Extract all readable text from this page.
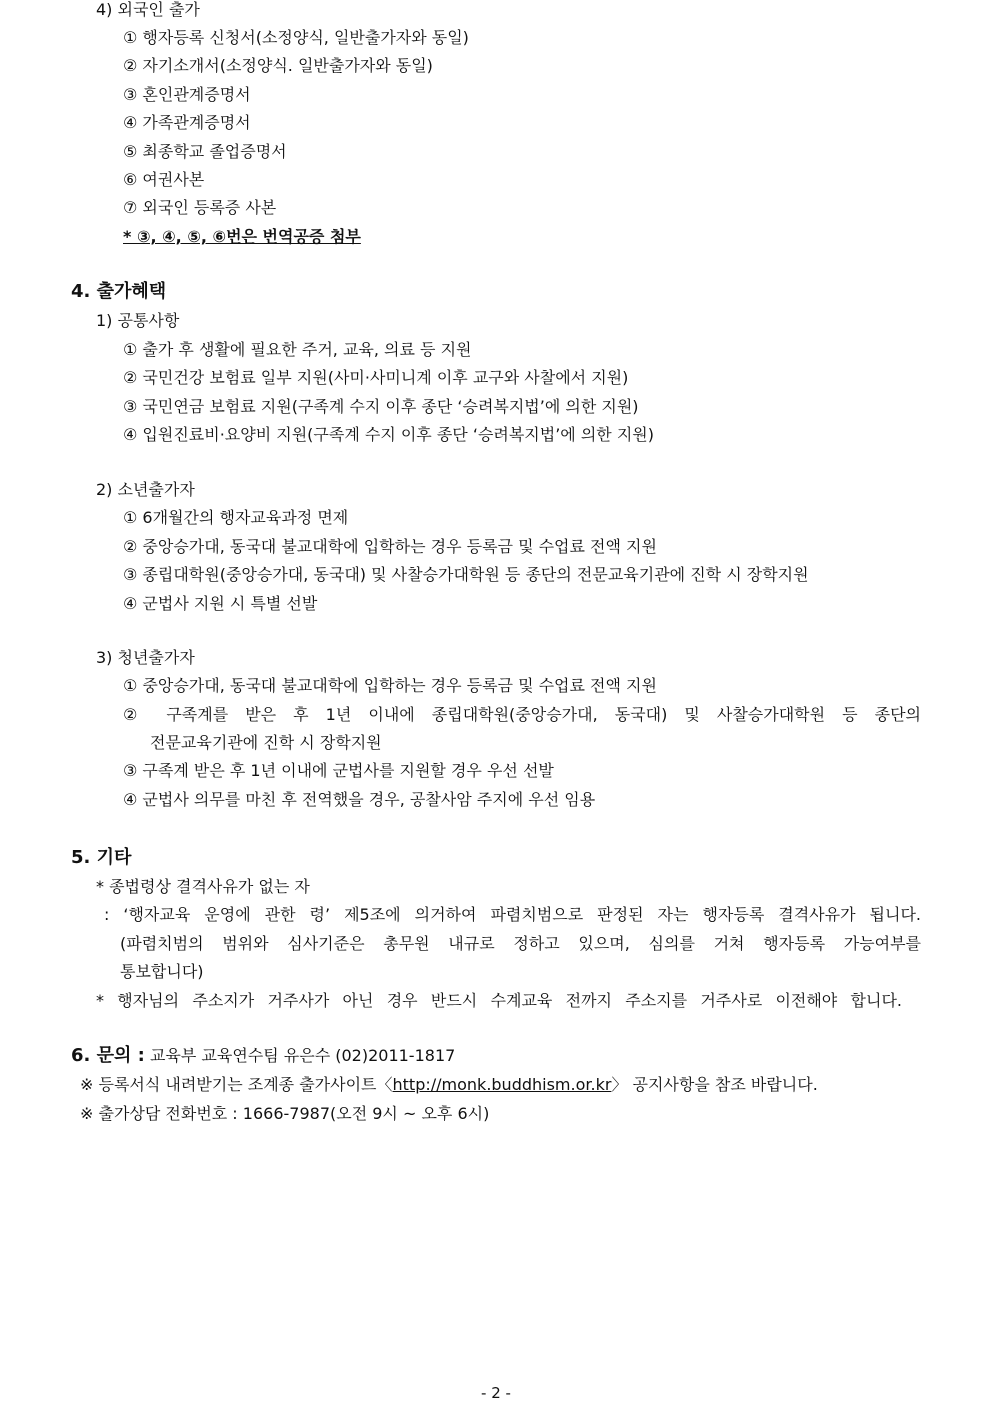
4) 외국인 출가
① 행자등록 신청서(소정양식, 일반출가자와 동일)
② 자기소개서(소정양식. 일반출가자와 동일)
③ 혼인관계증명서
④ 가족관계증명서
⑤ 최종학교 졸업증명서
⑥ 여권사본
⑦ 외국인 등록증 사본
* ③, ④, ⑤, ⑥번은 번역공증 첨부
4. 출가혜택
1) 공통사항
① 출가 후 생활에 필요한 주거, 교육, 의료 등 지원
② 국민건강 보험료 일부 지원(사미·사미니계 이후 교구와 사찰에서 지원)
③ 국민연금 보험료 지원(구족계 수지 이후 종단 ‘승려복지법’에 의한 지원)
④ 입원진료비·요양비 지원(구족계 수지 이후 종단 ‘승려복지법’에 의한 지원)
2) 소년출가자
① 6개월간의 행자교육과정 면제
② 중앙승가대, 동국대 불교대학에 입학하는 경우 등록금 및 수업료 전액 지원
③ 종립대학원(중앙승가대, 동국대) 및 사찰승가대학원 등 종단의 전문교육기관에 진학 시 장학지원
④ 군법사 지원 시 특별 선발
3) 청년출가자
① 중앙승가대, 동국대 불교대학에 입학하는 경우 등록금 및 수업료 전액 지원
② 구족계를 받은 후 1년 이내에 종립대학원(중앙승가대, 동국대) 및 사찰승가대학원 등 종단의
전문교육기관에 진학 시 장학지원
③ 구족계 받은 후 1년 이내에 군법사를 지원할 경우 우선 선발
④ 군법사 의무를 마친 후 전역했을 경우, 공찰사암 주지에 우선 임용
5. 기타
* 종법령상 결격사유가 없는 자
: ‘행자교육 운영에 관한 령’ 제5조에 의거하여 파렴치범으로 판정된 자는 행자등록 결격사유가 됩니다.
(파렴치범의 범위와 심사기준은 총무원 내규로 정하고 있으며, 심의를 거쳐 행자등록 가능여부를
통보합니다)
* 행자님의 주소지가 거주사가 아닌 경우 반드시 수계교육 전까지 주소지를 거주사로 이전해야 합니다.
6. 문의 : 교육부 교육연수팀 유은수 (02)2011-1817
※ 등록서식 내려받기는 조계종 출가사이트〈http://monk.buddhism.or.kr〉 공지사항을 참조 바랍니다.
※ 출가상담 전화번호 : 1666-7987(오전 9시 ~ 오후 6시)
- 2 -
